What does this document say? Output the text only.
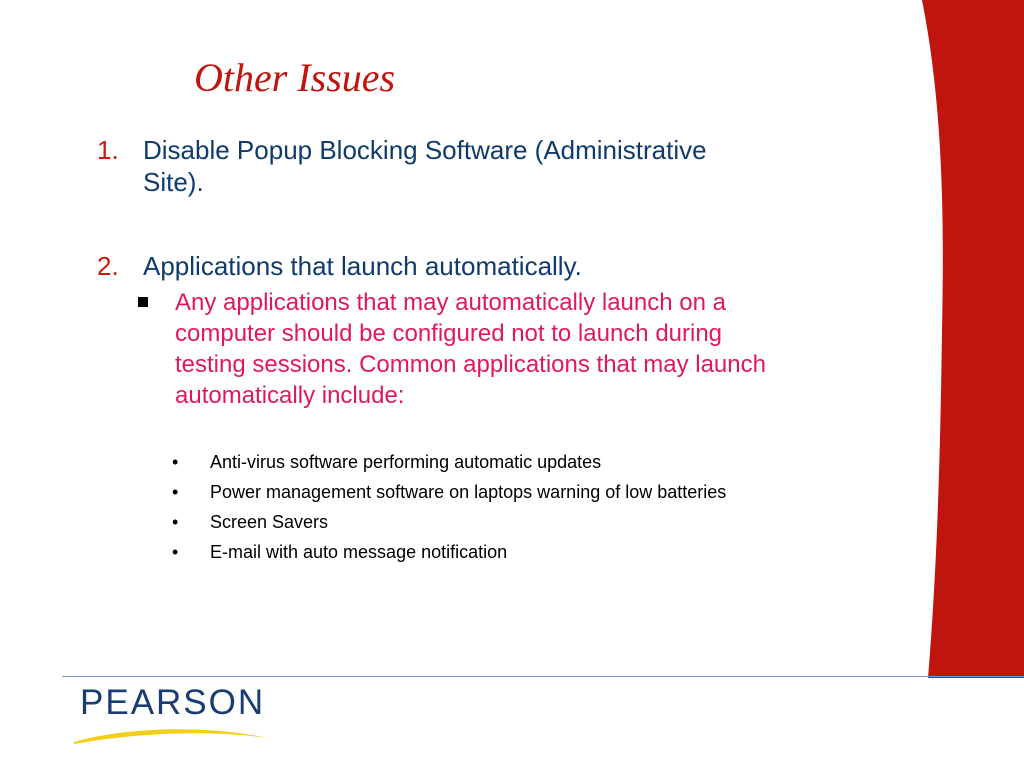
Other Issues
1. Disable Popup Blocking Software (Administrative
Site).
2. Applications that launch automatically.
Any applications that may automatically launch on a
computer should be configured not to launch during
testing sessions. Common applications that may launch
automatically include:
• Anti-virus software performing automatic updates
• Power management software on laptops warning of low batteries
• Screen Savers
• E-mail with auto message notification
PEARSON
